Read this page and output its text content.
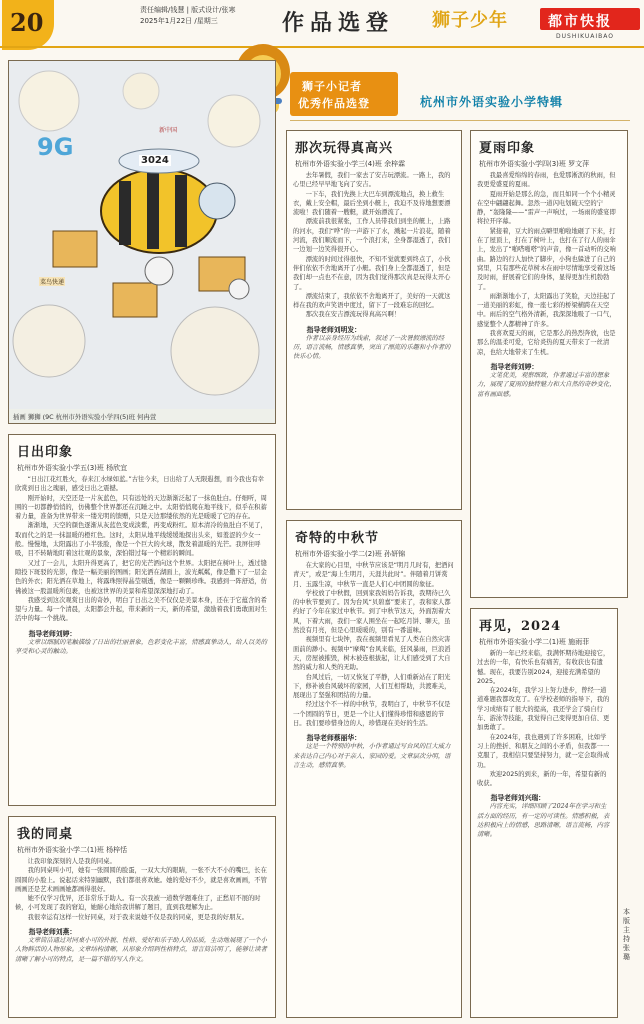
20	责任编辑/钱慧 | 版式设计/张寒
2025年1月22日 /星期三	作品选登 狮子少年	都市快报
DUSHIKUAIBAO
狮子小记者
优秀作品选登	杭州市外语实验小学特辑
9G	3024
新中国
菜鸟快递
插画 狮狮 (9C 杭州市外语实验小学四(5)班 何冉萱
日出印象
杭州市外语实验小学五(3)班 杨欣宜

“日出江花红胜火，春来江水绿如蓝。”古往今来，日出给了人无限遐想，而今我也有幸欣赏到日出之瑰丽，感受日出之震撼。

刚开始时，天空还是一片灰蓝色，只有远处的天边渐渐泛起了一抹鱼肚白。仔细听，周围的一切都静悄悄的，仿佛整个世界都还在沉睡之中。太阳悄悄爬在地平线下，似乎在积蓄着力量，准备为世界带来一缕光明的馈赠，只是天边那缕依然的光是暖暖了它的存在。

渐渐地，天空的颜色逐渐从灰蓝色变成淡紫，再变成粉红。原本清冷的鱼肚白不见了，取而代之的是一抹温暖的橙红色。这时，太阳从地平线缓缓地探出头来，如羞涩的少女一般。慢慢地，太阳露出了小半张脸，像是一个巨大的火球，散发着温暖的光芒。我屏住呼吸，目不转睛地盯着这壮观的景象，深怕错过每一个精彩的瞬间。

又过了一会儿，太阳升得更高了，把它的光芒洒向这个世界。太阳把在树叶上，透过缝隙投下斑驳的光影，像是一幅美丽的图画；阳光洒在湖面上，波光粼粼，像是撒下了一层金色的外衣；阳光洒在草地上，将露珠照得晶莹剔透，像是一颗颗珍珠。我感到一阵舒适，仿佛被这一股温暖所包裹，也被这世界的美景和希望深深地打动了。

我感受到这次观赏日出的奇妙，明白了日出之美不仅仅是美景本身，还在于它蕴含的希望与力量。每一个清晨，太阳都会升起，带来新的一天，新的希望，激励着我们勇敢面对生活中的每一个挑战。

指导老师刘婷：

文章以细腻的笔触描绘了日出的壮丽景象，色彩变化丰富，情感真挚动人，给人以美的享受和心灵的触动。

我的同桌
杭州市外语实验小学二(1)班 杨梓恬

让我印象深刻的人是我的同桌。

我的同桌叫小可，她有一张圆圆的脸蛋，一双大大的眼睛，一张不大不小的嘴巴，长在圆圆的小脸上。说起话来特别幽默，我们都很喜欢她。她的爱好不少，就是喜欢画画，不管画画还是艺术画画她都画得很好。

她不仅学习优异，还非常乐于助人。有一次我被一道数学题难住了，正愁眉不展的时候，小可发现了我的窘迫，她耐心地给我讲解了题目，直到我理解为止。

我很幸运有这样一位好同桌，对于我来说她不仅是我的同桌，更是我的好朋友。

指导老师刘燕：

文章简洁通过对同桌小可的外貌、性格、爱好和乐于助人的品质，生动地展现了一个小人物鲜活的人物形象。文章结构清晰，从形象介绍到性格特点，语言简洁明了，能够让读者清晰了解小可的特点，是一篇不错的写人作文。

那次玩得真高兴
杭州市外语实验小学三(4)班 余梓霖

去年暑假，我们一家去了安吉玩漂流。一路上，我的心里已经早早地飞向了安吉。

一下车，我们先换上大巴车到漂流地点，换上救生衣，戴上安全帽，最后坐到小艇上，我迫不及待地想要漂流啦！我们随着一艘艇，就开始漂流了。

漂流前我很紧张，工作人员带我们到坐的艇上，上路的河水，我们“哗”的一声游下了水，溅起一片浪花，随着河流，我们顺流而下，一个浪打来，全身都湿透了，我们一边划一边笑得很开心。

漂流的时间过得很快，不知不觉就要到终点了，小伙伴们依依不舍地离开了小艇。我们身上全都湿透了，但是我们却一点也不在意，因为我们觉得那次真是玩得太开心了。

漂流结束了，我依依不舍地离开了，美好的一天就这样在我的欢声笑语中度过，留下了一段难忘的回忆。

那次我在安吉漂流玩得真高兴啊！

指导老师刘明发：

作者以亲身经历为线索，叙述了一次暑假漂流的经历，语言流畅，情感真挚，突出了漂流的乐趣和小作者的快乐心情。

奇特的中秋节
杭州市外语实验小学二(2)班 孙妍锦

在大家的心目里，中秋节应该是“明月几时有，把酒问青天”，或是“海上生明月，天涯共此时”。伴随着月饼赏月、玉露生凉，中秋节一直是人们心中团圆的象征。

学校放了中秋假，回到家我妈妈告诉我，我期待已久的中秋节要到了。因为台风“贝碧嘉”要来了，我和家人都约好了今年在家过中秋节。到了中秋节这天，外面刮着大风，下着大雨，我们一家人围坐在一起吃月饼、聊天，虽然没有月亮，但是心里暖暖的，别有一番滋味。

视频里有七块钟，我在视频里看见了人类在自然灾害面前的渺小。视频中“摩羯”台风来临，狂风暴雨，巨浪滔天，房屋被摧毁，树木被连根拔起，让人们感受到了大自然的威力和人类的无助。

台风过后，一切又恢复了平静，人们重新站在了阳光下，修补被台风破坏的家园，人们互相帮助，共渡难关，展现出了坚强和团结的力量。

经过这个不一样的中秋节，我明白了，中秋节不仅是一个团圆的节日，更是一个让人们懂得珍惜和感恩的节日。我们要珍惜身边的人，珍惜现在美好的生活。

指导老师蔡丽华：

这是一个特别的中秋，小作者通过写台风的巨大威力来表达自己内心对于亲人、家园的爱。文章层次分明，语言生动，感情真挚。

夏雨印象
杭州市外语实验小学四(3)班 罗文萍

我最喜爱绵绵的春雨，也爱那淅沥的秋雨，但我更爱盛夏的夏雨。

夏雨开始是那么的急，而且如同一个个小精灵在空中翩翩起舞。忽然一道闪电划破天空的宁静，“轰隆隆——”雷声一声响过，一场雨的盛宴即将拉开序幕。

紧接着，豆大的雨点噼里啪啦地砸了下来，打在了屋顶上，打在了树叶上，也打在了行人的雨伞上，发出了“啪嗒啪嗒”的声音，像一首动听的交响曲。路边的行人加快了脚步，小狗也躲进了自己的窝里，只有那些花草树木在雨中尽情地享受着这场及时雨，舒展着它们的身体，显得更加生机勃勃了。

雨渐渐地小了，太阳露出了笑脸，天边挂起了一道美丽的彩虹，像一座七彩的桥梁横跨在天空中。雨后的空气格外清新，我深深地吸了一口气，感觉整个人都精神了许多。

我喜欢夏天的雨，它是那么的热烈奔放，也是那么的温柔可爱，它给炎热的夏天带来了一丝清凉，也给大地带来了生机。

指导老师刘婷：

文笔优美，观察细致，作者通过丰富的想象力，展现了夏雨的独特魅力和大自然的奇妙变化，富有画面感。

再见，2024
杭州市外语实验小学二(1)班 施雨菲

新的一年已经来临，我满怀期待地迎接它，过去的一年，有快乐也有痛苦，有收获也有遗憾。现在，我要告别2024，迎接充满希望的2025。

在2024年，我学习上努力进步，曾经一道道难题我都攻克了。在学校老师的指导下，我的学习成绩有了很大的提高，我还学会了骑自行车、游泳等技能，我觉得自己变得更加自信、更加勇敢了。

在2024年，我也遇到了许多困难，比如学习上的挫折、和朋友之间的小矛盾，但我都一一克服了，我相信只要坚持努力，就一定会取得成功。

欢迎2025的到来，新的一年，希望有新的收获。

指导老师刘兴瑞：

内容充实，详细回顾了2024年在学习和生活方面的经历，有一定的可读性。情感积极，表达积极向上的情感，思路清晰，语言流畅，内容清晰。

本版主持 张璐
